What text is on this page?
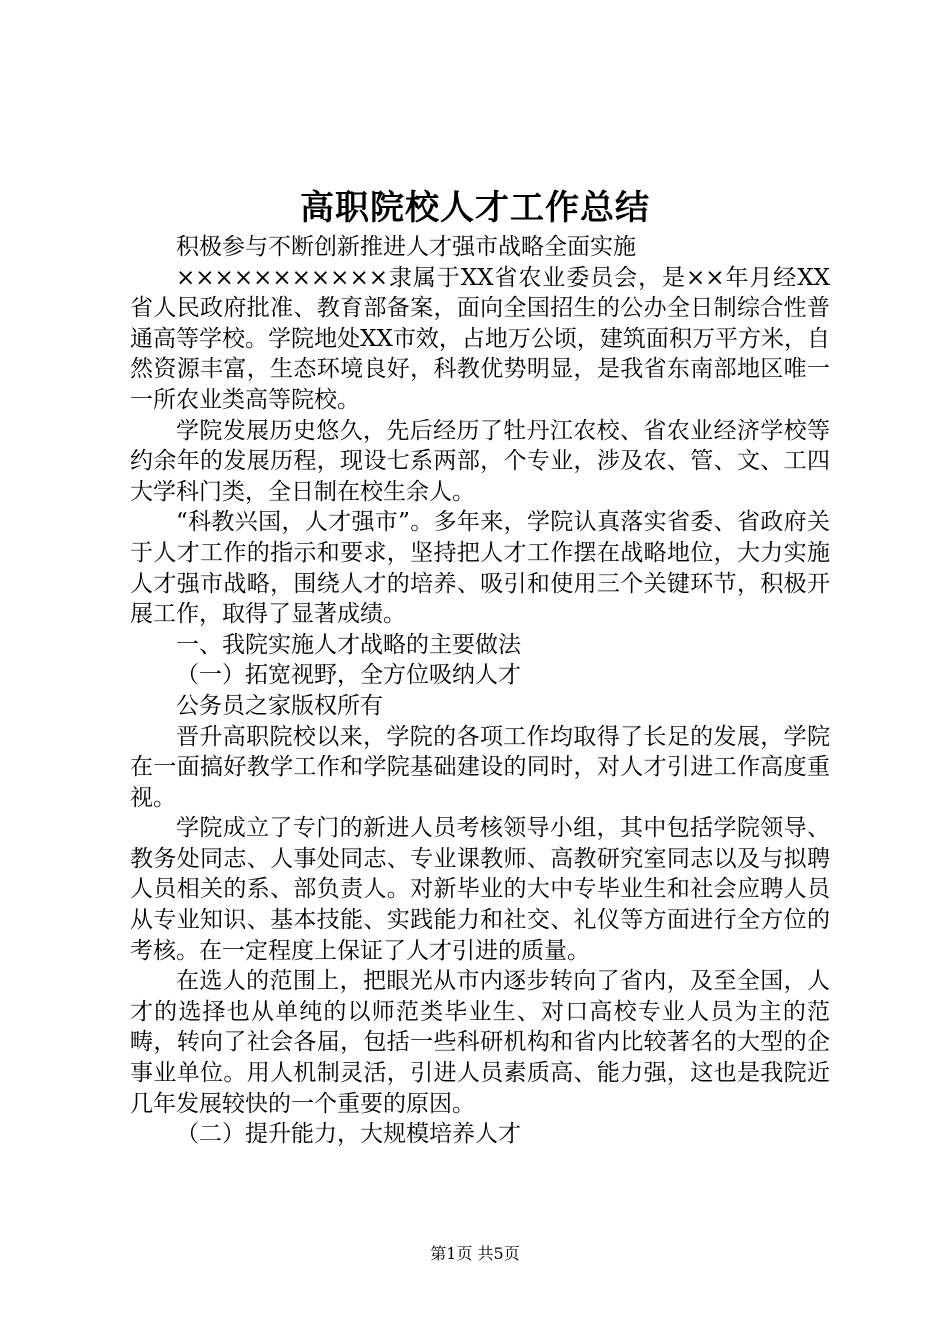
高职院校人才工作总结

积极参与不断创新推进人才强市战略全面实施

×××××××××××隶属于XX省农业委员会，是××年月经XX省人民政府批准、教育部备案，面向全国招生的公办全日制综合性普通高等学校。学院地处XX市效，占地万公顷，建筑面积万平方米，自然资源丰富，生态环境良好，科教优势明显，是我省东南部地区唯一一所农业类高等院校。

学院发展历史悠久，先后经历了牡丹江农校、省农业经济学校等约余年的发展历程，现设七系两部，个专业，涉及农、管、文、工四大学科门类，全日制在校生余人。

“科教兴国，人才强市”。多年来，学院认真落实省委、省政府关于人才工作的指示和要求，坚持把人才工作摆在战略地位，大力实施人才强市战略，围绕人才的培养、吸引和使用三个关键环节，积极开展工作，取得了显著成绩。

一、我院实施人才战略的主要做法

（一）拓宽视野，全方位吸纳人才

公务员之家版权所有

晋升高职院校以来，学院的各项工作均取得了长足的发展，学院在一面搞好教学工作和学院基础建设的同时，对人才引进工作高度重视。

学院成立了专门的新进人员考核领导小组，其中包括学院领导、教务处同志、人事处同志、专业课教师、高教研究室同志以及与拟聘人员相关的系、部负责人。对新毕业的大中专毕业生和社会应聘人员从专业知识、基本技能、实践能力和社交、礼仪等方面进行全方位的考核。在一定程度上保证了人才引进的质量。

在选人的范围上，把眼光从市内逐步转向了省内，及至全国，人才的选择也从单纯的以师范类毕业生、对口高校专业人员为主的范畴，转向了社会各届，包括一些科研机构和省内比较著名的大型的企事业单位。用人机制灵活，引进人员素质高、能力强，这也是我院近几年发展较快的一个重要的原因。

（二）提升能力，大规模培养人才

第1页 共5页
